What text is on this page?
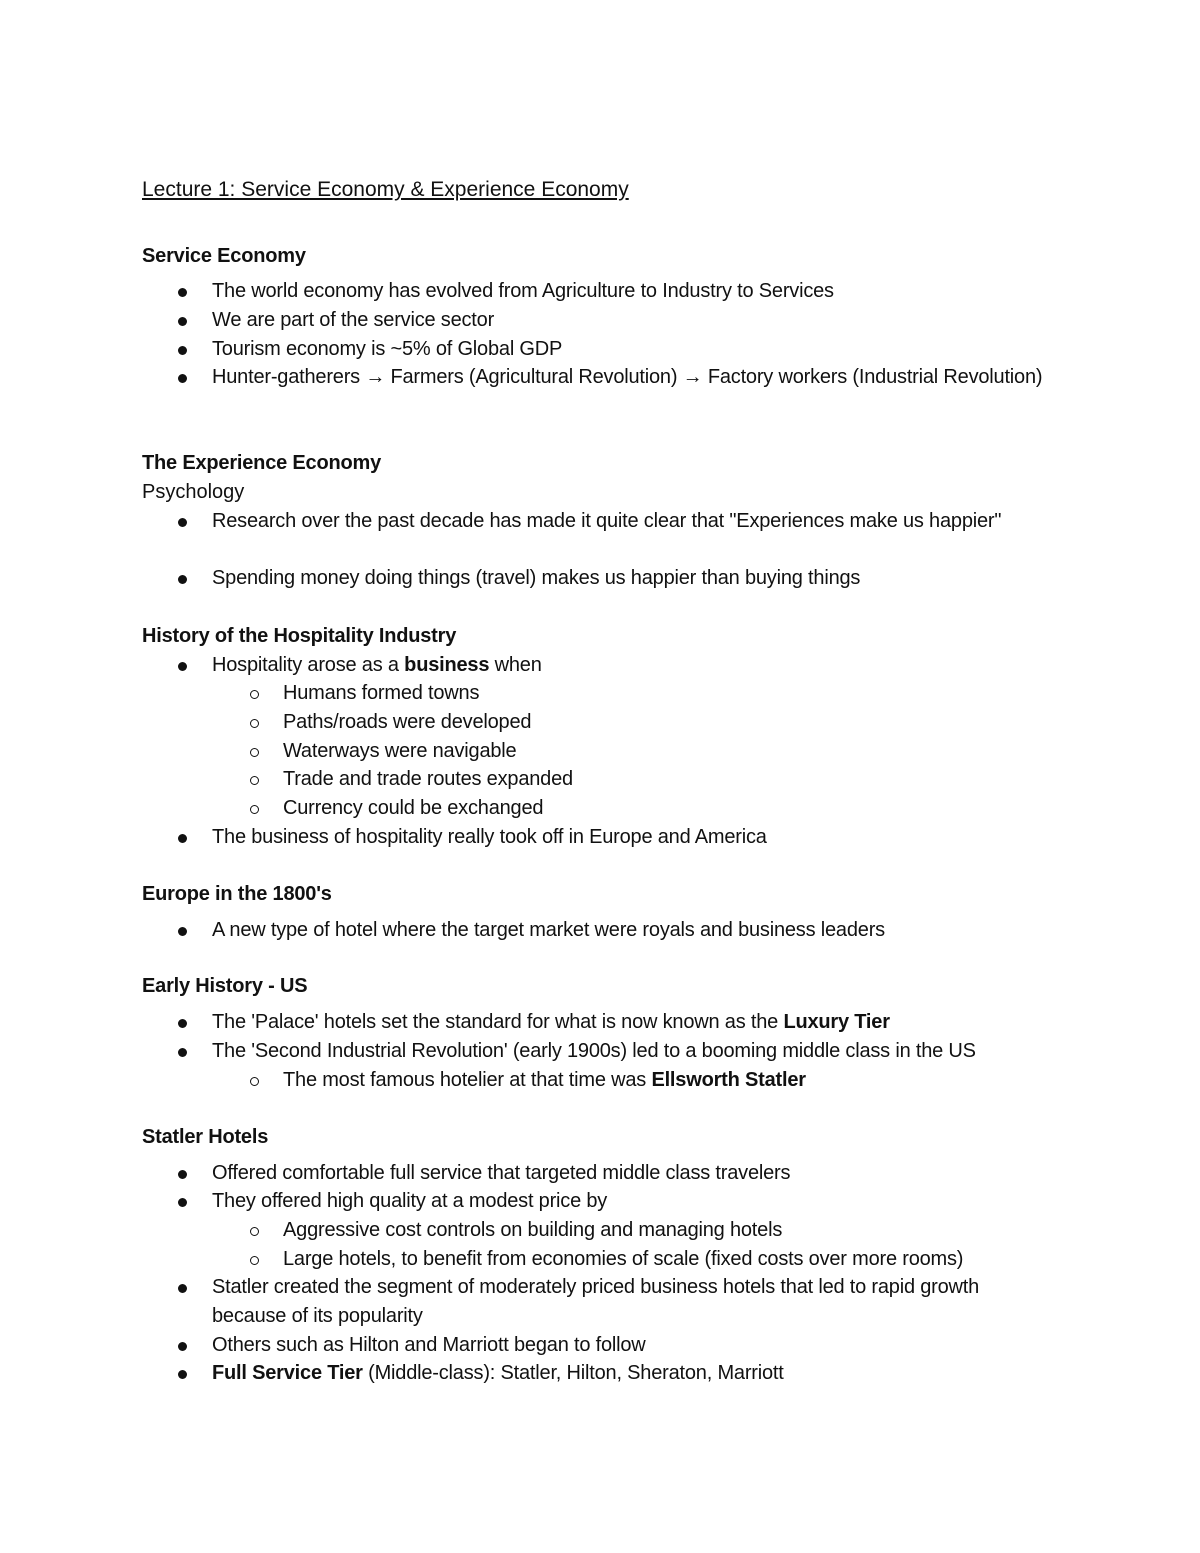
Lecture 1: Service Economy & Experience Economy
Service Economy
The world economy has evolved from Agriculture to Industry to Services
We are part of the service sector
Tourism economy is ~5% of Global GDP
Hunter-gatherers → Farmers (Agricultural Revolution) → Factory workers (Industrial Revolution)
The Experience Economy
Psychology
Research over the past decade has made it quite clear that "Experiences make us happier"
Spending money doing things (travel) makes us happier than buying things
History of the Hospitality Industry
Hospitality arose as a business when
Humans formed towns
Paths/roads were developed
Waterways were navigable
Trade and trade routes expanded
Currency could be exchanged
The business of hospitality really took off in Europe and America
Europe in the 1800's
A new type of hotel where the target market were royals and business leaders
Early History - US
The 'Palace' hotels set the standard for what is now known as the Luxury Tier
The 'Second Industrial Revolution' (early 1900s) led to a booming middle class in the US
The most famous hotelier at that time was Ellsworth Statler
Statler Hotels
Offered comfortable full service that targeted middle class travelers
They offered high quality at a modest price by
Aggressive cost controls on building and managing hotels
Large hotels, to benefit from economies of scale (fixed costs over more rooms)
Statler created the segment of moderately priced business hotels that led to rapid growth because of its popularity
Others such as Hilton and Marriott began to follow
Full Service Tier (Middle-class): Statler, Hilton, Sheraton, Marriott
